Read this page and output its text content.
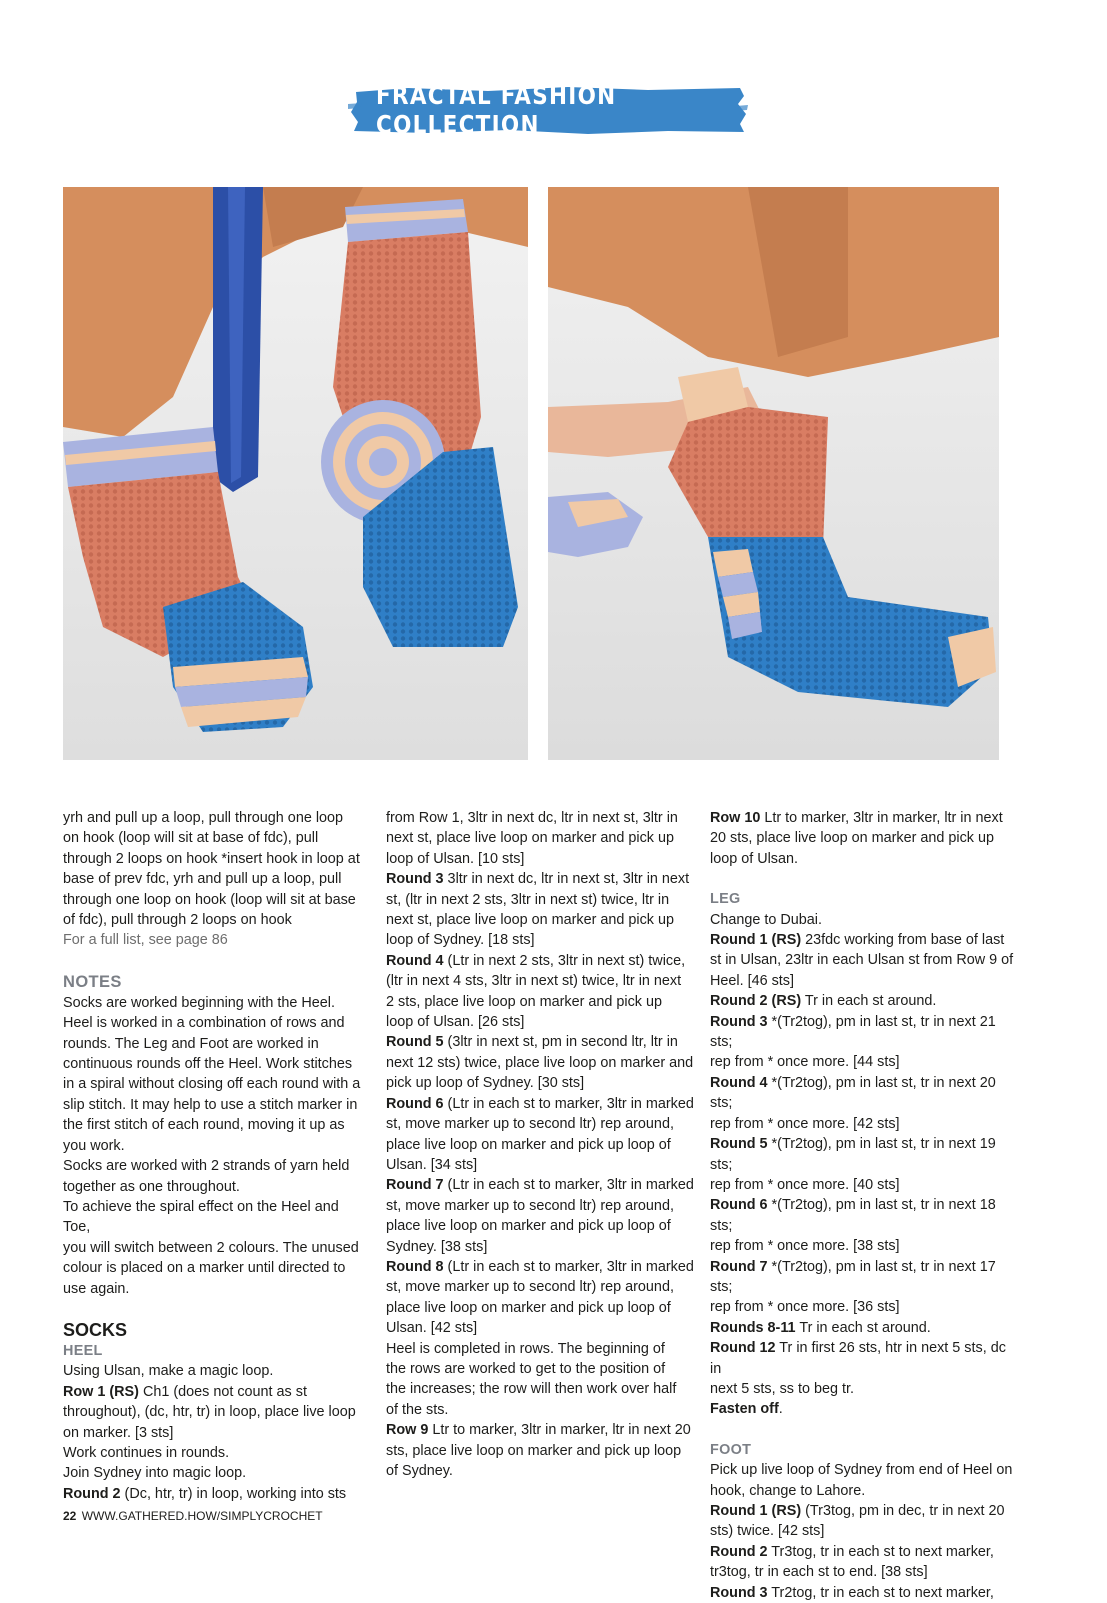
FRACTAL FASHION COLLECTION

yrh and pull up a loop, pull through one loop

on hook (loop will sit at base of fdc), pull

through 2 loops on hook *insert hook in loop at

base of prev fdc, yrh and pull up a loop, pull

through one loop on hook (loop will sit at base

of fdc), pull through 2 loops on hook

For a full list, see page 86

NOTES

Socks are worked beginning with the Heel.

Heel is worked in a combination of rows and

rounds. The Leg and Foot are worked in

continuous rounds off the Heel. Work stitches

in a spiral without closing off each round with a

slip stitch. It may help to use a stitch marker in

the first stitch of each round, moving it up as

you work.

Socks are worked with 2 strands of yarn held

together as one throughout.

To achieve the spiral effect on the Heel and Toe,

you will switch between 2 colours. The unused

colour is placed on a marker until directed to

use again.

SOCKS

HEEL

Using Ulsan, make a magic loop.

Row 1 (RS) Ch1 (does not count as st

throughout), (dc, htr, tr) in loop, place live loop

on marker. [3 sts]

Work continues in rounds.

Join Sydney into magic loop.

Round 2 (Dc, htr, tr) in loop, working into sts

from Row 1, 3ltr in next dc, ltr in next st, 3ltr in

next st, place live loop on marker and pick up

loop of Ulsan. [10 sts]

Round 3 3ltr in next dc, ltr in next st, 3ltr in next

st, (ltr in next 2 sts, 3ltr in next st) twice, ltr in

next st, place live loop on marker and pick up

loop of Sydney. [18 sts]

Round 4 (Ltr in next 2 sts, 3ltr in next st) twice,

(ltr in next 4 sts, 3ltr in next st) twice, ltr in next

2 sts, place live loop on marker and pick up

loop of Ulsan. [26 sts]

Round 5 (3ltr in next st, pm in second ltr, ltr in

next 12 sts) twice, place live loop on marker and

pick up loop of Sydney. [30 sts]

Round 6 (Ltr in each st to marker, 3ltr in marked

st, move marker up to second ltr) rep around,

place live loop on marker and pick up loop of

Ulsan. [34 sts]

Round 7 (Ltr in each st to marker, 3ltr in marked

st, move marker up to second ltr) rep around,

place live loop on marker and pick up loop of

Sydney. [38 sts]

Round 8 (Ltr in each st to marker, 3ltr in marked

st, move marker up to second ltr) rep around,

place live loop on marker and pick up loop of

Ulsan. [42 sts]

Heel is completed in rows. The beginning of

the rows are worked to get to the position of

the increases; the row will then work over half

of the sts.

Row 9 Ltr to marker, 3ltr in marker, ltr in next 20

sts, place live loop on marker and pick up loop

of Sydney.

Row 10 Ltr to marker, 3ltr in marker, ltr in next

20 sts, place live loop on marker and pick up

loop of Ulsan.

LEG

Change to Dubai.

Round 1 (RS) 23fdc working from base of last

st in Ulsan, 23ltr in each Ulsan st from Row 9 of

Heel. [46 sts]

Round 2 (RS) Tr in each st around.

Round 3 *(Tr2tog), pm in last st, tr in next 21 sts;

rep from * once more. [44 sts]

Round 4 *(Tr2tog), pm in last st, tr in next 20 sts;

rep from * once more. [42 sts]

Round 5 *(Tr2tog), pm in last st, tr in next 19 sts;

rep from * once more. [40 sts]

Round 6 *(Tr2tog), pm in last st, tr in next 18 sts;

rep from * once more. [38 sts]

Round 7 *(Tr2tog), pm in last st, tr in next 17 sts;

rep from * once more. [36 sts]

Rounds 8-11 Tr in each st around.

Round 12 Tr in first 26 sts, htr in next 5 sts, dc in

next 5 sts, ss to beg tr.

Fasten off.

FOOT

Pick up live loop of Sydney from end of Heel on

hook, change to Lahore.

Round 1 (RS) (Tr3tog, pm in dec, tr in next 20

sts) twice. [42 sts]

Round 2 Tr3tog, tr in each st to next marker,

tr3tog, tr in each st to end. [38 sts]

Round 3 Tr2tog, tr in each st to next marker,

22 WWW.GATHERED.HOW/SIMPLYCROCHET
